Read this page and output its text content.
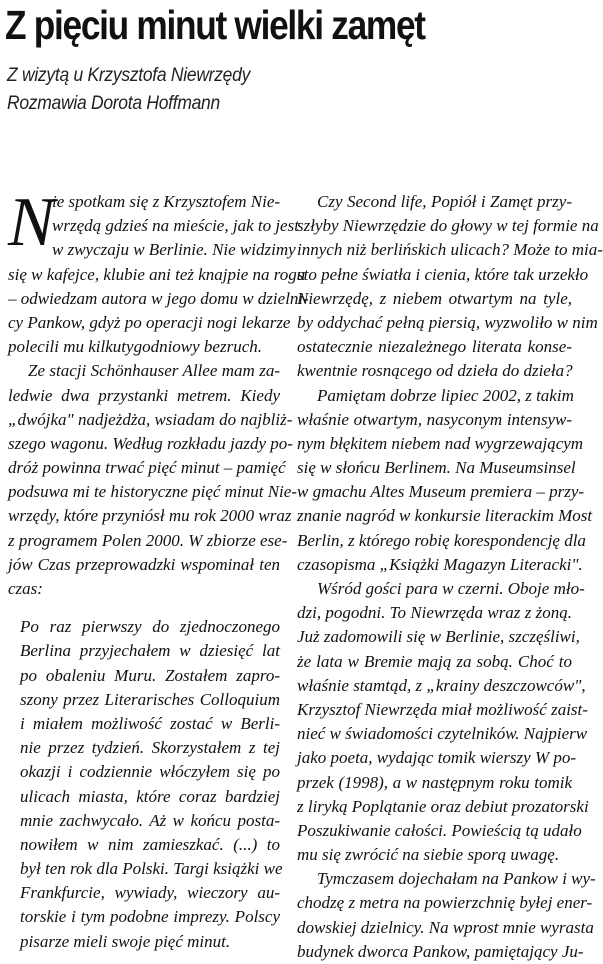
Z pięciu minut wielki zamęt
Z wizytą u Krzysztofa Niewrzędy
Rozmawia Dorota Hoffmann
N
ie spotkam się z Krzysztofem Nie-
wrzędą gdzieś na mieście, jak to jest
w zwyczaju w Berlinie. Nie widzimy
się w kafejce, klubie ani też knajpie na rogu
– odwiedzam autora w jego domu w dzielni-
cy Pankow, gdyż po operacji nogi lekarze
polecili mu kilkutygodniowy bezruch.
Ze stacji Schönhauser Allee mam za-
ledwie dwa przystanki metrem. Kiedy
„dwójka" nadjeżdża, wsiadam do najbliż-
szego wagonu. Według rozkładu jazdy po-
dróż powinna trwać pięć minut – pamięć
podsuwa mi te historyczne pięć minut Nie-
wrzędy, które przyniósł mu rok 2000 wraz
z programem Polen 2000. W zbiorze ese-
jów Czas przeprowadzki wspominał ten
czas:
Po raz pierwszy do zjednoczonego
Berlina przyjechałem w dziesięć lat
po obaleniu Muru. Zostałem zapro-
szony przez Literarisches Colloquium
i miałem możliwość zostać w Berli-
nie przez tydzień. Skorzystałem z tej
okazji i codziennie włóczyłem się po
ulicach miasta, które coraz bardziej
mnie zachwycało. Aż w końcu posta-
nowiłem w nim zamieszkać. (...) to
był ten rok dla Polski. Targi książki we
Frankfurcie, wywiady, wieczory au-
torskie i tym podobne imprezy. Polscy
pisarze mieli swoje pięć minut.
Czy Second life, Popiół i Zamęt przy-
szłyby Niewrzędzie do głowy w tej formie na
innych niż berlińskich ulicach? Może to mia-
sto pełne światła i cienia, które tak urzekło
Niewrzędę, z niebem otwartym na tyle,
by oddychać pełną piersią, wyzwoliło w nim
ostatecznie niezależnego literata konse-
kwentnie rosnącego od dzieła do dzieła?
Pamiętam dobrze lipiec 2002, z takim
właśnie otwartym, nasyconym intensyw-
nym błękitem niebem nad wygrzewającym
się w słońcu Berlinem. Na Museumsinsel
w gmachu Altes Museum premiera – przy-
znanie nagród w konkursie literackim Most
Berlin, z którego robię korespondencję dla
czasopisma „Książki Magazyn Literacki".
Wśród gości para w czerni. Oboje mło-
dzi, pogodni. To Niewrzęda wraz z żoną.
Już zadomowili się w Berlinie, szczęśliwi,
że lata w Bremie mają za sobą. Choć to
właśnie stamtąd, z „krainy deszczowców",
Krzysztof Niewrzęda miał możliwość zaist-
nieć w świadomości czytelników. Najpierw
jako poeta, wydając tomik wierszy W po-
przek (1998), a w następnym roku tomik
z liryką Poplątanie oraz debiut prozatorski
Poszukiwanie całości. Powieścią tą udało
mu się zwrócić na siebie sporą uwagę.
Tymczasem dojechałam na Pankow i wy-
chodzę z metra na powierzchnię byłej ener-
dowskiej dzielnicy. Na wprost mnie wyrasta
budynek dworca Pankow, pamiętający Ju-
